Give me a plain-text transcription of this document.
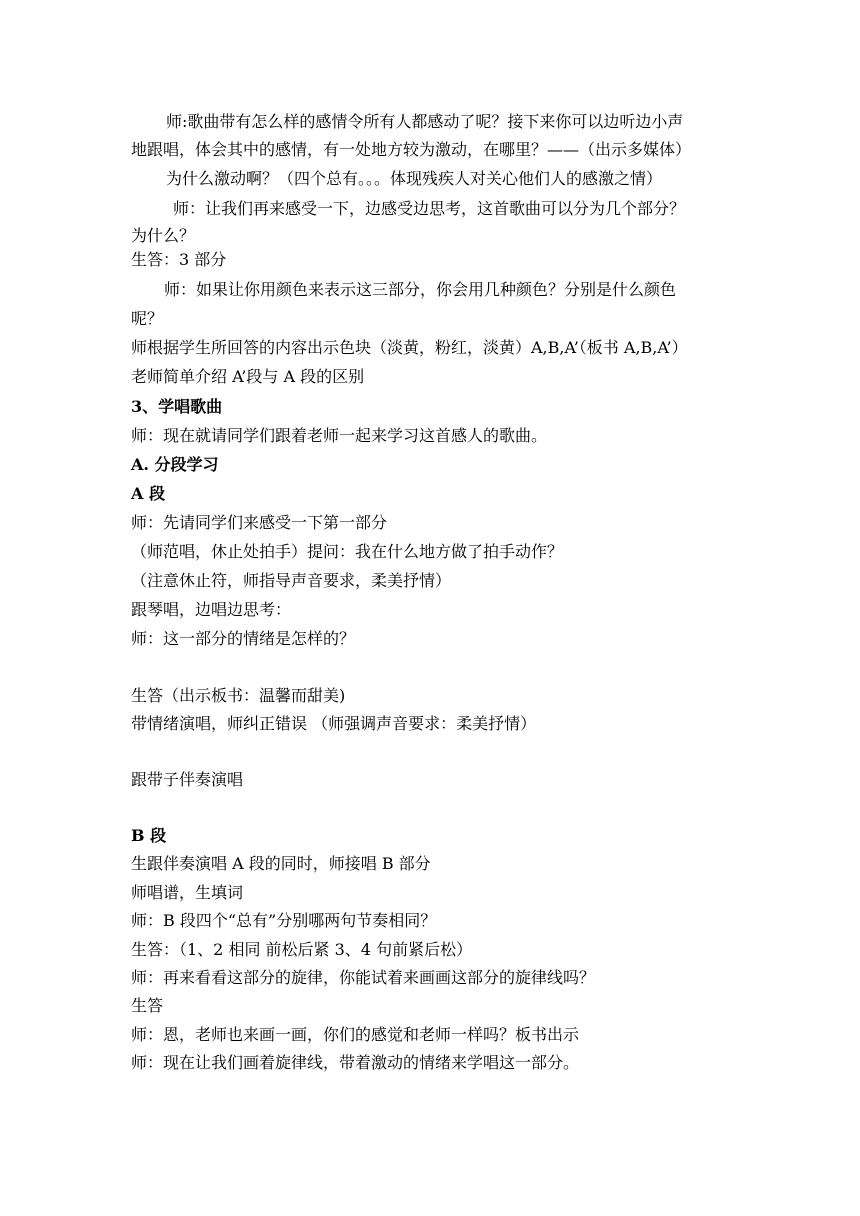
师:歌曲带有怎么样的感情令所有人都感动了呢？接下来你可以边听边小声
地跟唱，体会其中的感情，有一处地方较为激动，在哪里？——（出示多媒体）
为什么激动啊？（四个总有。。。体现残疾人对关心他们人的感激之情）
师：让我们再来感受一下，边感受边思考，这首歌曲可以分为几个部分？
为什么？
生答：3 部分
师：如果让你用颜色来表示这三部分，你会用几种颜色？分别是什么颜色
呢？
师根据学生所回答的内容出示色块（淡黄，粉红，淡黄）A,B,A’（板书 A,B,A’）
老师简单介绍 A’段与 A 段的区别
3、学唱歌曲
师：现在就请同学们跟着老师一起来学习这首感人的歌曲。
A. 分段学习
A 段
师：先请同学们来感受一下第一部分
（师范唱，休止处拍手）提问：我在什么地方做了拍手动作？
（注意休止符，师指导声音要求，柔美抒情）
跟琴唱，边唱边思考：
师：这一部分的情绪是怎样的？
生答（出示板书：温馨而甜美)
带情绪演唱，师纠正错误 （师强调声音要求：柔美抒情）
跟带子伴奏演唱
B 段
生跟伴奏演唱 A 段的同时，师接唱 B 部分
师唱谱，生填词
师：B 段四个“总有”分别哪两句节奏相同？
生答：（1、2 相同 前松后紧 3、4 句前紧后松）
师：再来看看这部分的旋律，你能试着来画画这部分的旋律线吗？
生答
师：恩，老师也来画一画，你们的感觉和老师一样吗？板书出示
师：现在让我们画着旋律线，带着激动的情绪来学唱这一部分。
